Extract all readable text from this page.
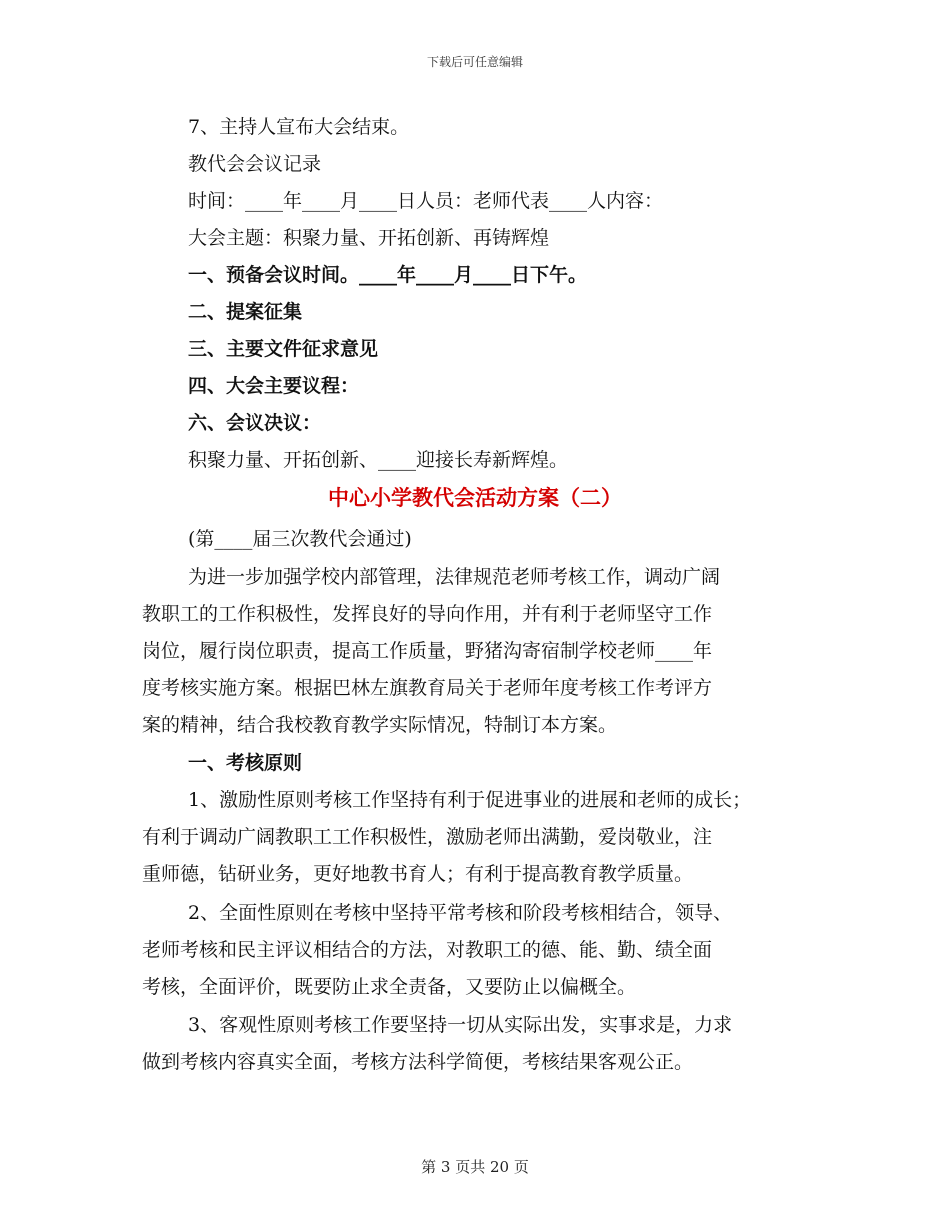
下载后可任意编辑
7、主持人宣布大会结束。
教代会会议记录
时间：____年____月____日人员：老师代表____人内容：
大会主题：积聚力量、开拓创新、再铸辉煌
一、预备会议时间。____年____月____日下午。
二、提案征集
三、主要文件征求意见
四、大会主要议程：
六、会议决议：
积聚力量、开拓创新、____迎接长寿新辉煌。
中心小学教代会活动方案（二）
(第____届三次教代会通过)
为进一步加强学校内部管理，法律规范老师考核工作，调动广阔
教职工的工作积极性，发挥良好的导向作用，并有利于老师坚守工作
岗位，履行岗位职责，提高工作质量，野猪沟寄宿制学校老师____年
度考核实施方案。根据巴林左旗教育局关于老师年度考核工作考评方
案的精神，结合我校教育教学实际情况，特制订本方案。
一、考核原则
1、激励性原则考核工作坚持有利于促进事业的进展和老师的成长；
有利于调动广阔教职工工作积极性，激励老师出满勤，爱岗敬业，注
重师德，钻研业务，更好地教书育人；有利于提高教育教学质量。
2、全面性原则在考核中坚持平常考核和阶段考核相结合，领导、
老师考核和民主评议相结合的方法，对教职工的德、能、勤、绩全面
考核，全面评价，既要防止求全责备，又要防止以偏概全。
3、客观性原则考核工作要坚持一切从实际出发，实事求是，力求
做到考核内容真实全面，考核方法科学简便，考核结果客观公正。
第 3 页共 20 页
